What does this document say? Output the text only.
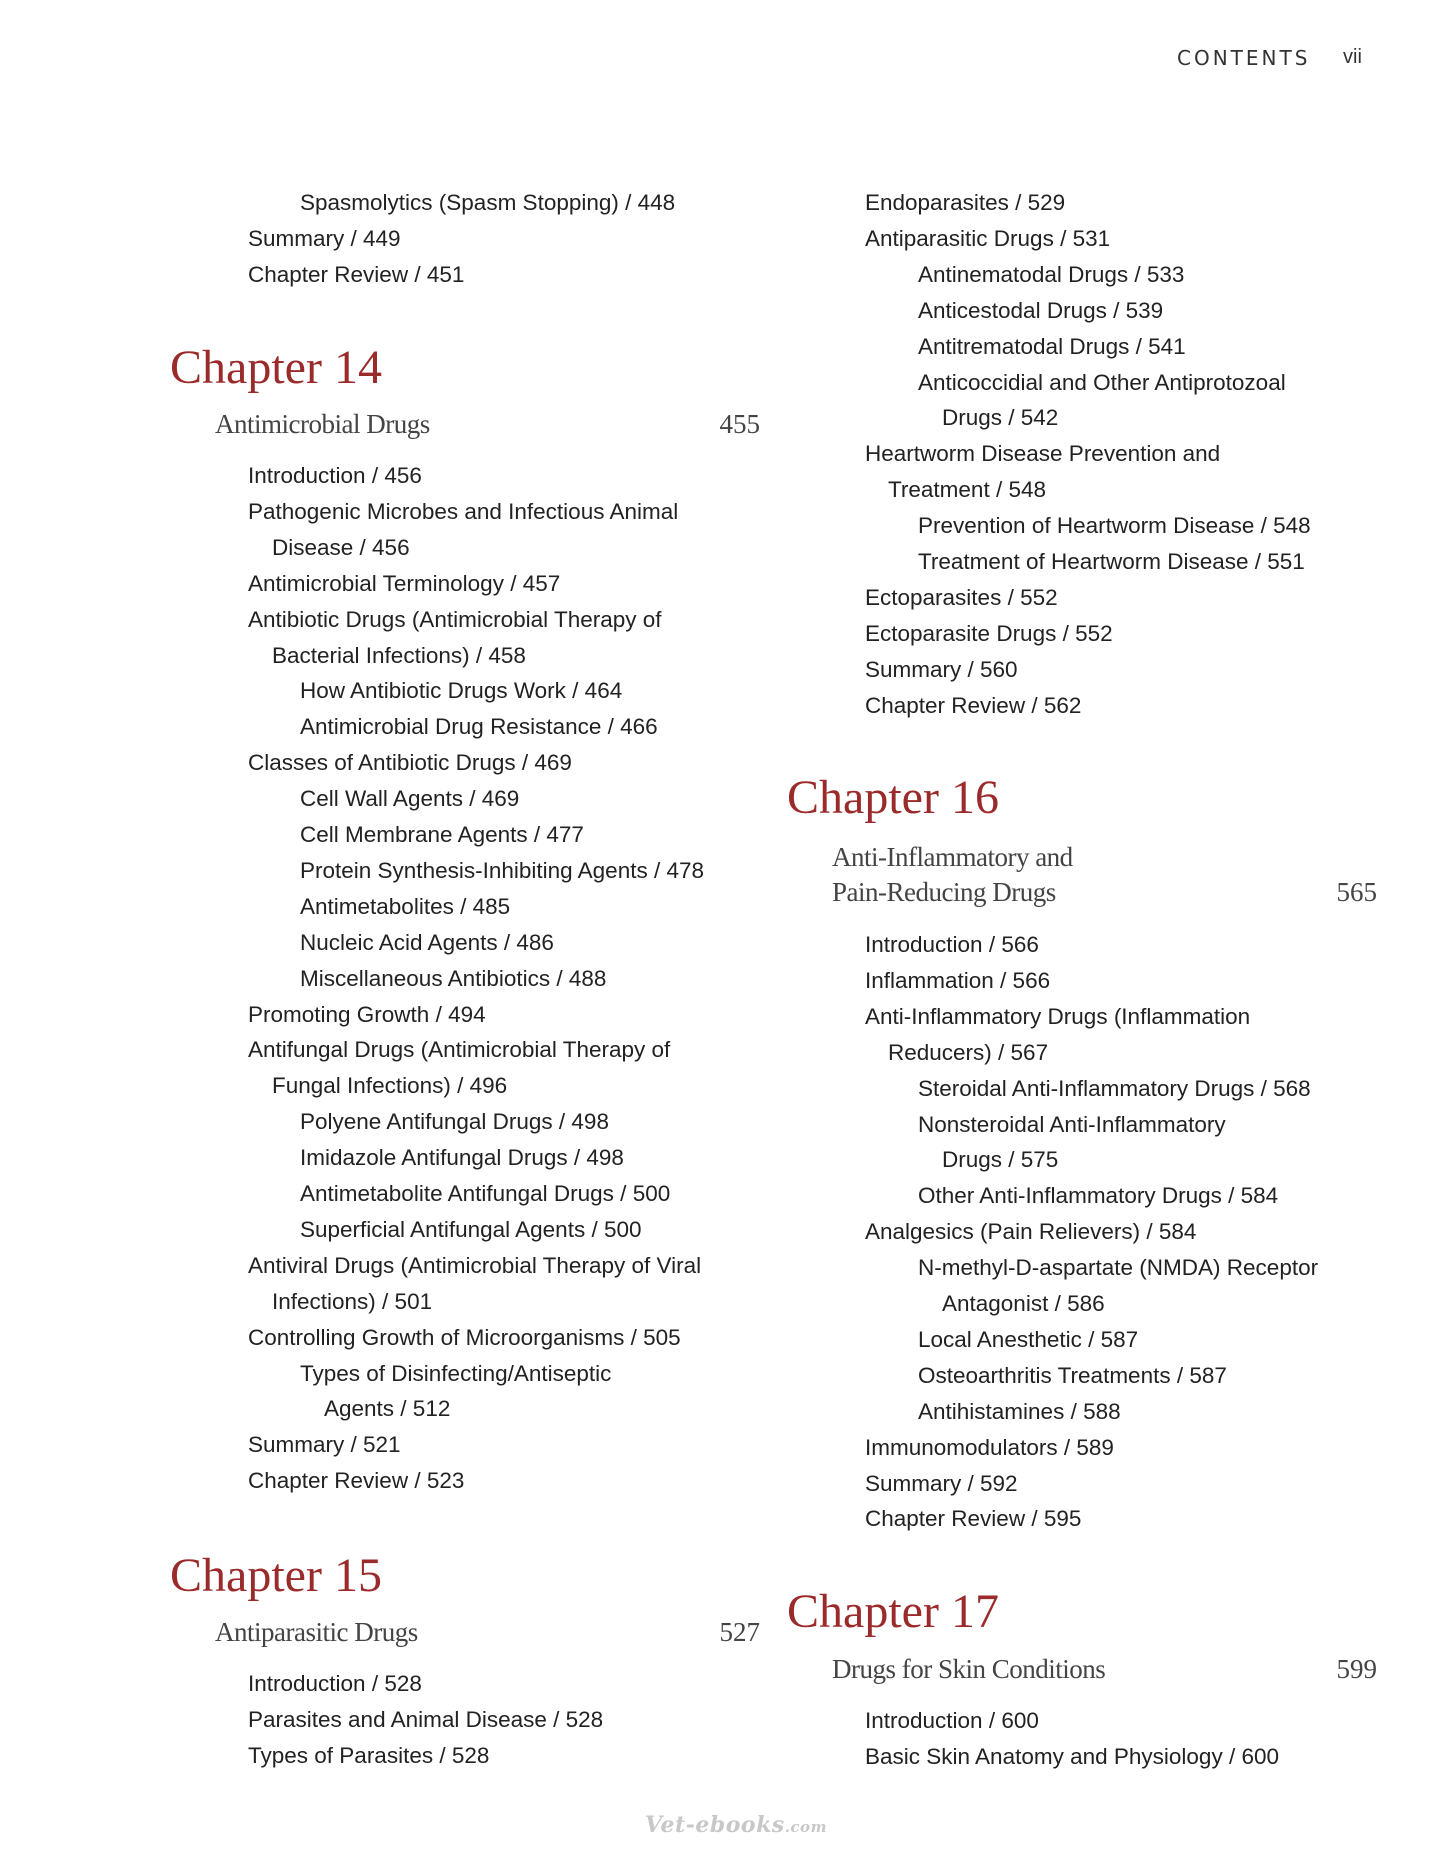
CONTENTS vii
Spasmolytics (Spasm Stopping) / 448
Summary / 449
Chapter Review / 451
Chapter 14
Antimicrobial Drugs	455
Introduction / 456
Pathogenic Microbes and Infectious Animal
Disease / 456
Antimicrobial Terminology / 457
Antibiotic Drugs (Antimicrobial Therapy of
Bacterial Infections) / 458
How Antibiotic Drugs Work / 464
Antimicrobial Drug Resistance / 466
Classes of Antibiotic Drugs / 469
Cell Wall Agents / 469
Cell Membrane Agents / 477
Protein Synthesis-Inhibiting Agents / 478
Antimetabolites / 485
Nucleic Acid Agents / 486
Miscellaneous Antibiotics / 488
Promoting Growth / 494
Antifungal Drugs (Antimicrobial Therapy of
Fungal Infections) / 496
Polyene Antifungal Drugs / 498
Imidazole Antifungal Drugs / 498
Antimetabolite Antifungal Drugs / 500
Superficial Antifungal Agents / 500
Antiviral Drugs (Antimicrobial Therapy of Viral
Infections) / 501
Controlling Growth of Microorganisms / 505
Types of Disinfecting/Antiseptic
Agents / 512
Summary / 521
Chapter Review / 523
Chapter 15
Antiparasitic Drugs	527
Introduction / 528
Parasites and Animal Disease / 528
Types of Parasites / 528
Endoparasites / 529
Antiparasitic Drugs / 531
Antinematodal Drugs / 533
Anticestodal Drugs / 539
Antitrematodal Drugs / 541
Anticoccidial and Other Antiprotozoal
Drugs / 542
Heartworm Disease Prevention and
Treatment / 548
Prevention of Heartworm Disease / 548
Treatment of Heartworm Disease / 551
Ectoparasites / 552
Ectoparasite Drugs / 552
Summary / 560
Chapter Review / 562
Chapter 16
Anti-Inflammatory and
Pain-Reducing Drugs	565
Introduction / 566
Inflammation / 566
Anti-Inflammatory Drugs (Inflammation
Reducers) / 567
Steroidal Anti-Inflammatory Drugs / 568
Nonsteroidal Anti-Inflammatory
Drugs / 575
Other Anti-Inflammatory Drugs / 584
Analgesics (Pain Relievers) / 584
N-methyl-D-aspartate (NMDA) Receptor
Antagonist / 586
Local Anesthetic / 587
Osteoarthritis Treatments / 587
Antihistamines / 588
Immunomodulators / 589
Summary / 592
Chapter Review / 595
Chapter 17
Drugs for Skin Conditions	599
Introduction / 600
Basic Skin Anatomy and Physiology / 600
Vet-ebooks.com
